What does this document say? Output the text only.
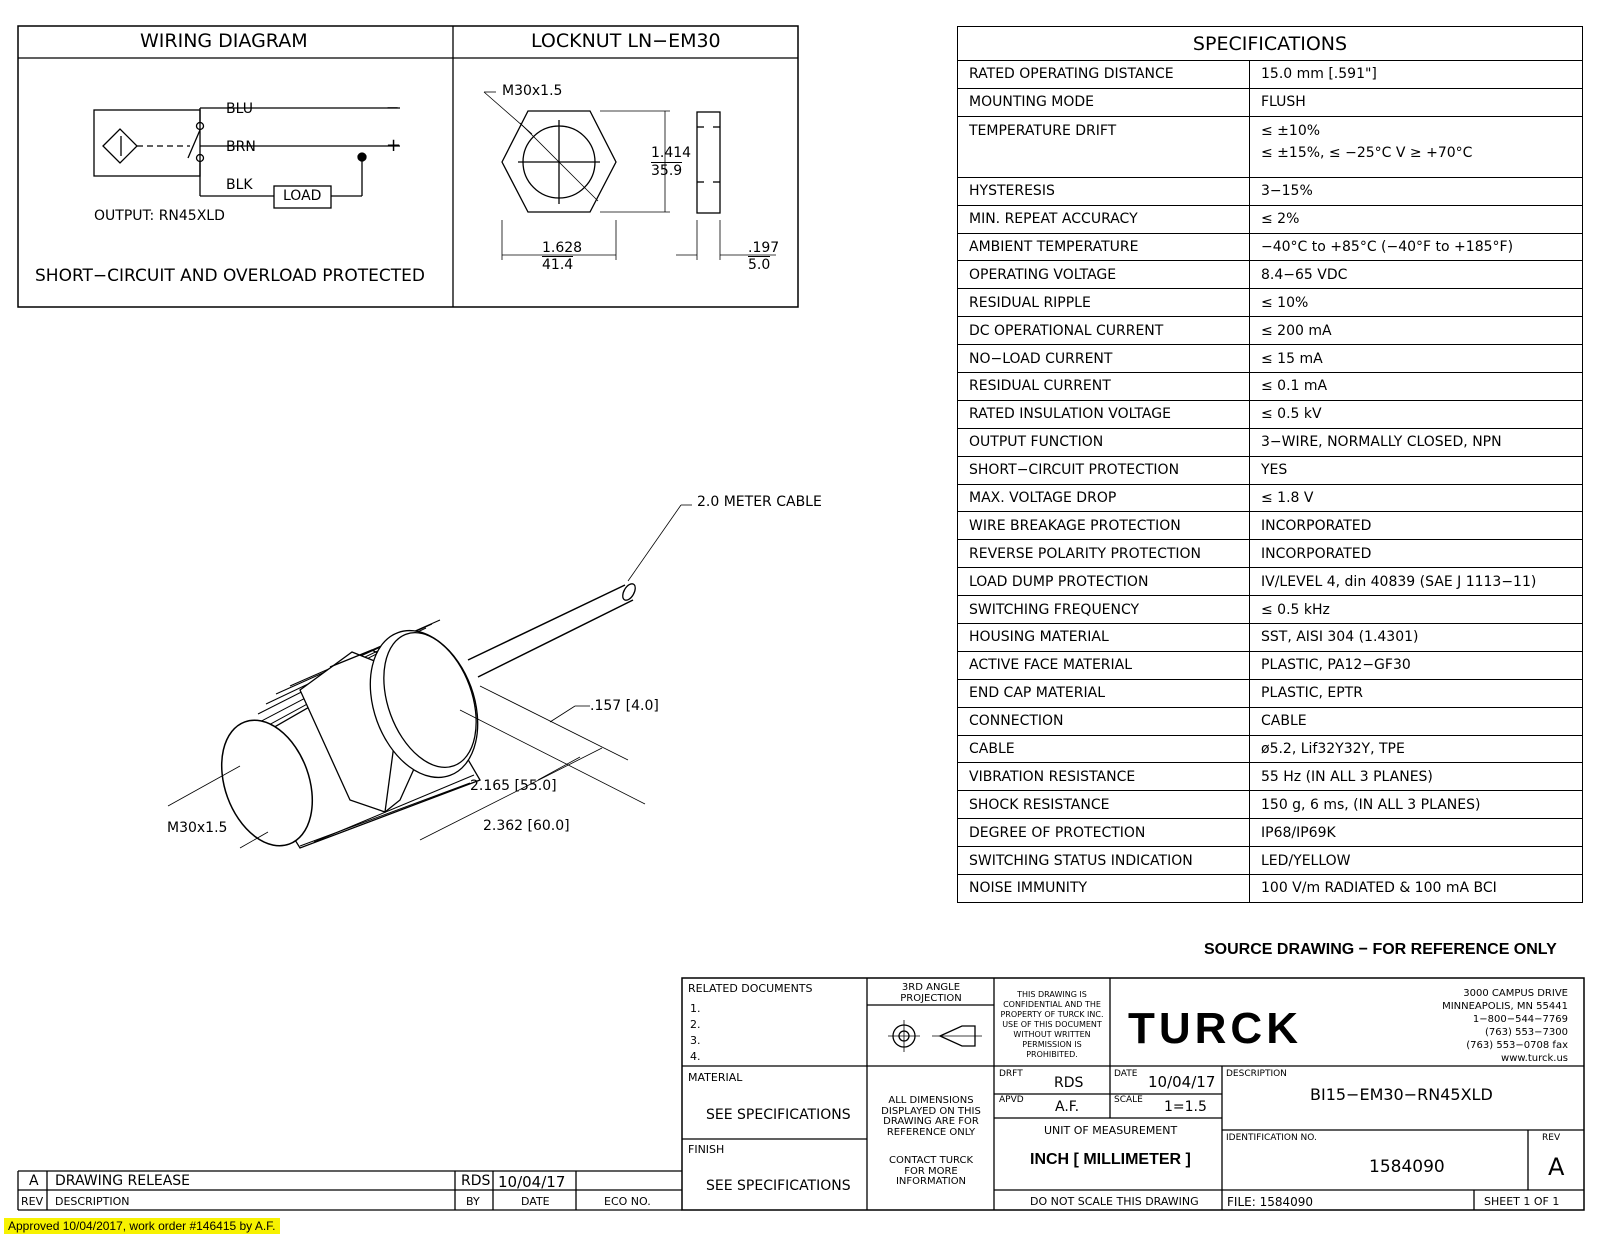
WIRING DIAGRAM
BLU
BRN
BLK
−
+
LOAD
OUTPUT: RN45XLD
SHORT−CIRCUIT AND OVERLOAD PROTECTED
LOCKNUT LN−EM30
M30x1.5
1.414
35.9
1.628
41.4
.197
5.0
2.0 METER CABLE
.157 [4.0]
2.165 [55.0]
2.362 [60.0]
M30x1.5
SPECIFICATIONS	
RATED OPERATING DISTANCE	15.0 mm [.591"]
MOUNTING MODE	FLUSH
TEMPERATURE DRIFT	≤ ±10%
≤ ±15%, ≤ −25°C V ≥ +70°C

HYSTERESIS	3−15%
MIN. REPEAT ACCURACY	≤ 2%
AMBIENT TEMPERATURE	−40°C to +85°C (−40°F to +185°F)
OPERATING VOLTAGE	8.4−65 VDC
RESIDUAL RIPPLE	≤ 10%
DC OPERATIONAL CURRENT	≤ 200 mA
NO−LOAD CURRENT	≤ 15 mA
RESIDUAL CURRENT	≤ 0.1 mA
RATED INSULATION VOLTAGE	≤ 0.5 kV
OUTPUT FUNCTION	3−WIRE, NORMALLY CLOSED, NPN
SHORT−CIRCUIT PROTECTION	YES
MAX. VOLTAGE DROP	≤ 1.8 V
WIRE BREAKAGE PROTECTION	INCORPORATED
REVERSE POLARITY PROTECTION	INCORPORATED
LOAD DUMP PROTECTION	IV/LEVEL 4, din 40839 (SAE J 1113−11)
SWITCHING FREQUENCY	≤ 0.5 kHz
HOUSING MATERIAL	SST, AISI 304 (1.4301)
ACTIVE FACE MATERIAL	PLASTIC, PA12−GF30
END CAP MATERIAL	PLASTIC, EPTR
CONNECTION	CABLE
CABLE	ø5.2, Lif32Y32Y, TPE
VIBRATION RESISTANCE	55 Hz (IN ALL 3 PLANES)
SHOCK RESISTANCE	150 g, 6 ms, (IN ALL 3 PLANES)
DEGREE OF PROTECTION	IP68/IP69K
SWITCHING STATUS INDICATION	LED/YELLOW
NOISE IMMUNITY	100 V/m RADIATED & 100 mA BCI
SOURCE DRAWING − FOR REFERENCE ONLY
RELATED DOCUMENTS
1.
2.
3.
4.
3RD ANGLE PROJECTION	THIS DRAWING IS CONFIDENTIAL AND THE PROPERTY OF TURCK INC. USE OF THIS DOCUMENT WITHOUT WRITTEN PERMISSION IS PROHIBITED.
TURCK
3000 CAMPUS DRIVE
MINNEAPOLIS, MN 55441
1−800−544−7769
(763) 553−7300
(763) 553−0708 fax
www.turck.us
MATERIAL
SEE SPECIFICATIONS
ALL DIMENSIONS DISPLAYED ON THIS DRAWING ARE FOR REFERENCE ONLY
CONTACT TURCK FOR MORE INFORMATION
FINISH
SEE SPECIFICATIONS
DRFT
RDS
DATE 10/04/17
APVD A.F.	SCALE 1=1.5
UNIT OF MEASUREMENT
INCH [ MILLIMETER ]
DO NOT SCALE THIS DRAWING
DESCRIPTION
BI15−EM30−RN45XLD
IDENTIFICATION NO.
1584090
REV
A
FILE: 1584090	SHEET 1 OF 1
A DRAWING RELEASE	RDS 10/04/17
REV DESCRIPTION	BY	DATE	ECO NO.
Approved 10/04/2017, work order #146415 by A.F.
